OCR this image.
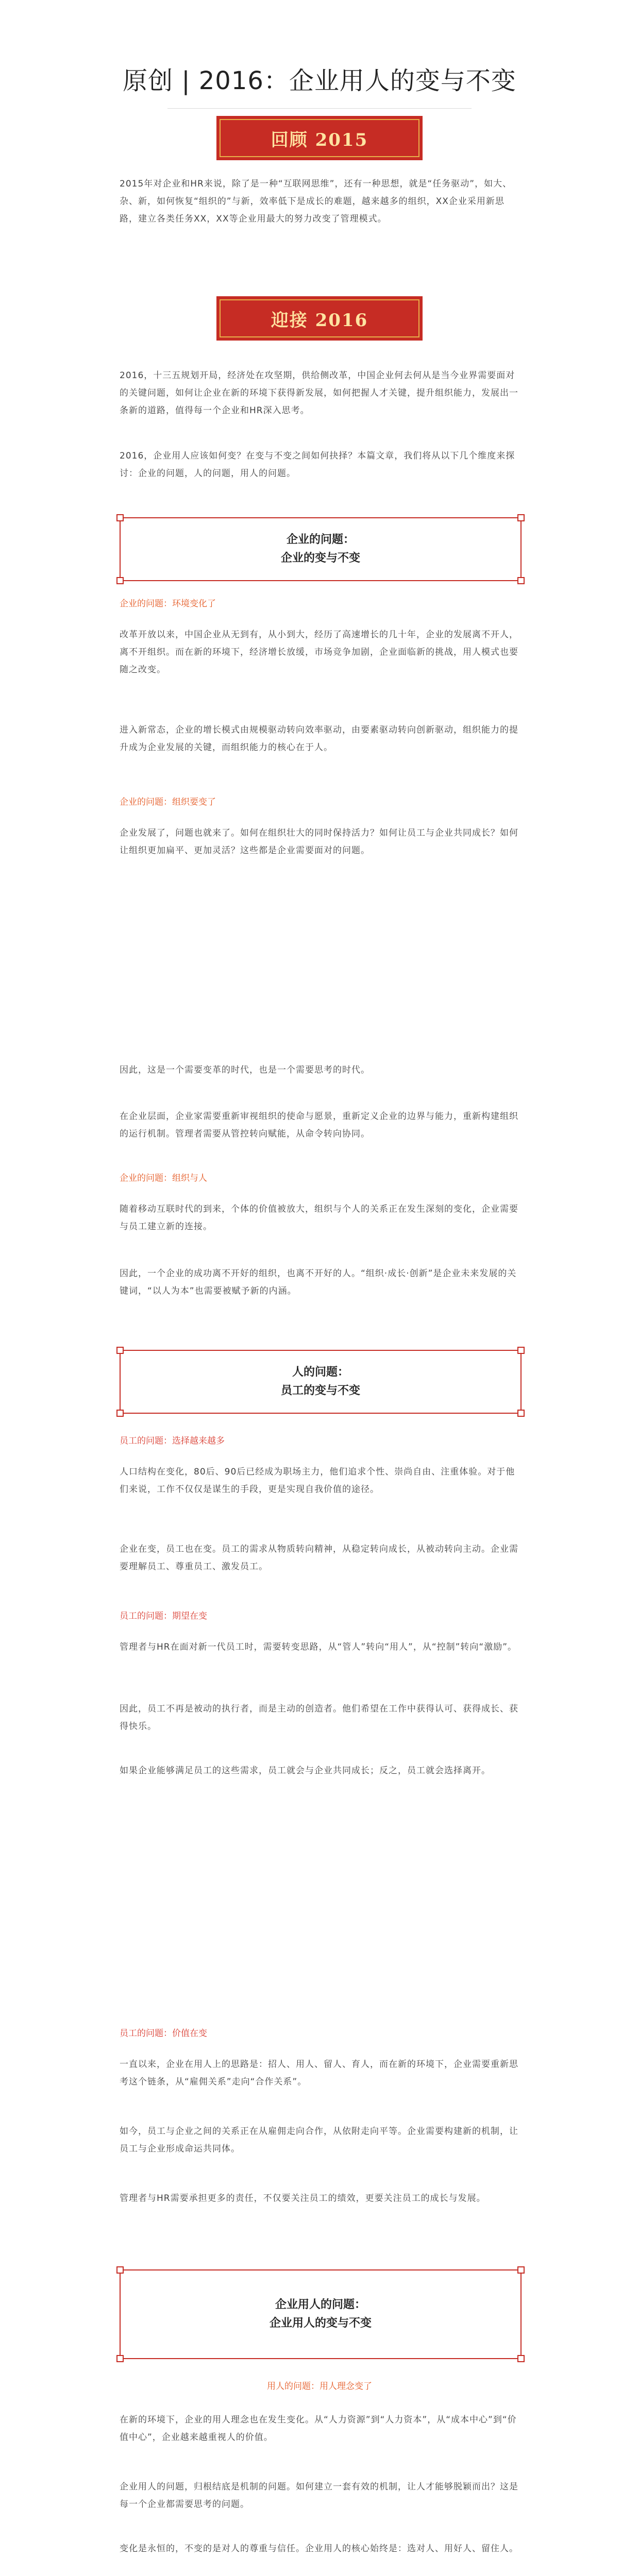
原创 | 2016：企业用人的变与不变
回顾 2015

2015年对企业和HR来说，除了是一种“互联网思维”，还有一种思想，就是“任务驱动”，如大、杂、新，如何恢复“组织的”与新，效率低下是成长的难题，越来越多的组织，XX企业采用新思路，建立各类任务XX，XX等企业用最大的努力改变了管理模式。

迎接 2016

2016，十三五规划开局，经济处在攻坚期，供给侧改革，中国企业何去何从是当今业界需要面对的关键问题，如何让企业在新的环境下获得新发展，如何把握人才关键，提升组织能力，发展出一条新的道路，值得每一个企业和HR深入思考。

2016，企业用人应该如何变？在变与不变之间如何抉择？本篇文章，我们将从以下几个维度来探讨：企业的问题，人的问题，用人的问题。

企业的问题：
企业的变与不变

企业的问题：环境变化了

改革开放以来，中国企业从无到有，从小到大，经历了高速增长的几十年，企业的发展离不开人，离不开组织。而在新的环境下，经济增长放缓，市场竞争加剧，企业面临新的挑战，用人模式也要随之改变。

进入新常态，企业的增长模式由规模驱动转向效率驱动，由要素驱动转向创新驱动，组织能力的提升成为企业发展的关键，而组织能力的核心在于人。

企业的问题：组织要变了

企业发展了，问题也就来了。如何在组织壮大的同时保持活力？如何让员工与企业共同成长？如何让组织更加扁平、更加灵活？这些都是企业需要面对的问题。

因此，这是一个需要变革的时代，也是一个需要思考的时代。

在企业层面，企业家需要重新审视组织的使命与愿景，重新定义企业的边界与能力，重新构建组织的运行机制。管理者需要从管控转向赋能，从命令转向协同。

企业的问题：组织与人

随着移动互联时代的到来，个体的价值被放大，组织与个人的关系正在发生深刻的变化，企业需要与员工建立新的连接。

因此，一个企业的成功离不开好的组织，也离不开好的人。“组织·成长·创新”是企业未来发展的关键词，“以人为本”也需要被赋予新的内涵。

人的问题：
员工的变与不变

员工的问题：选择越来越多

人口结构在变化，80后、90后已经成为职场主力，他们追求个性、崇尚自由、注重体验。对于他们来说，工作不仅仅是谋生的手段，更是实现自我价值的途径。

企业在变，员工也在变。员工的需求从物质转向精神，从稳定转向成长，从被动转向主动。企业需要理解员工、尊重员工、激发员工。

员工的问题：期望在变

管理者与HR在面对新一代员工时，需要转变思路，从“管人”转向“用人”，从“控制”转向“激励”。

因此，员工不再是被动的执行者，而是主动的创造者。他们希望在工作中获得认可、获得成长、获得快乐。

如果企业能够满足员工的这些需求，员工就会与企业共同成长；反之，员工就会选择离开。

员工的问题：价值在变

一直以来，企业在用人上的思路是：招人、用人、留人、育人，而在新的环境下，企业需要重新思考这个链条，从“雇佣关系”走向“合作关系”。

如今，员工与企业之间的关系正在从雇佣走向合作，从依附走向平等。企业需要构建新的机制，让员工与企业形成命运共同体。

管理者与HR需要承担更多的责任，不仅要关注员工的绩效，更要关注员工的成长与发展。

企业用人的问题：
企业用人的变与不变

用人的问题：用人理念变了

在新的环境下，企业的用人理念也在发生变化。从“人力资源”到“人力资本”，从“成本中心”到“价值中心”，企业越来越重视人的价值。

企业用人的问题，归根结底是机制的问题。如何建立一套有效的机制，让人才能够脱颖而出？这是每一个企业都需要思考的问题。

变化是永恒的，不变的是对人的尊重与信任。企业用人的核心始终是：选对人、用好人、留住人。
